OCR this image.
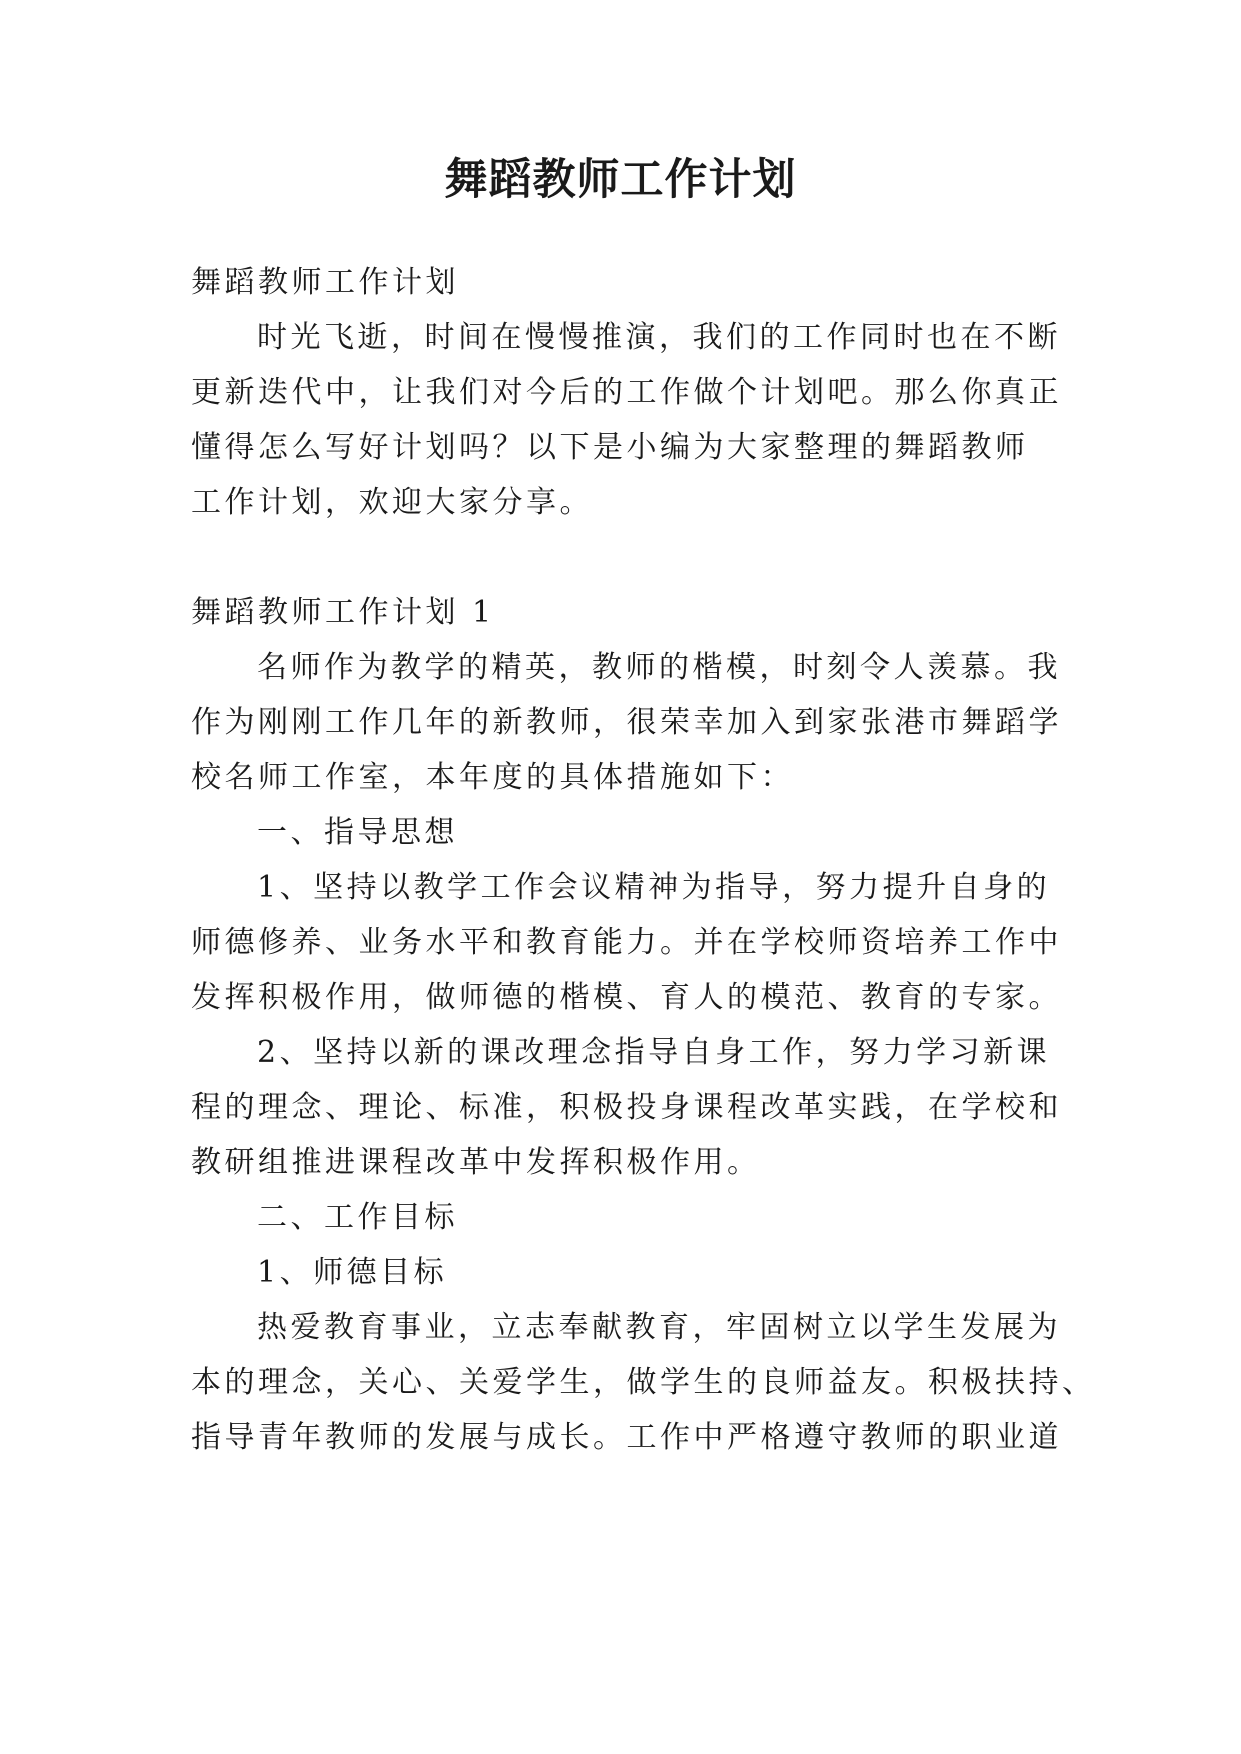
舞蹈教师工作计划
舞蹈教师工作计划
时光飞逝，时间在慢慢推演，我们的工作同时也在不断
更新迭代中，让我们对今后的工作做个计划吧。那么你真正
懂得怎么写好计划吗？以下是小编为大家整理的舞蹈教师
工作计划，欢迎大家分享。
舞蹈教师工作计划 1
名师作为教学的精英，教师的楷模，时刻令人羡慕。我
作为刚刚工作几年的新教师，很荣幸加入到家张港市舞蹈学
校名师工作室，本年度的具体措施如下：
一、指导思想
1、坚持以教学工作会议精神为指导，努力提升自身的
师德修养、业务水平和教育能力。并在学校师资培养工作中
发挥积极作用，做师德的楷模、育人的模范、教育的专家。
2、坚持以新的课改理念指导自身工作，努力学习新课
程的理念、理论、标准，积极投身课程改革实践，在学校和
教研组推进课程改革中发挥积极作用。
二、工作目标
1、师德目标
热爱教育事业，立志奉献教育，牢固树立以学生发展为
本的理念，关心、关爱学生，做学生的良师益友。积极扶持、
指导青年教师的发展与成长。工作中严格遵守教师的职业道
